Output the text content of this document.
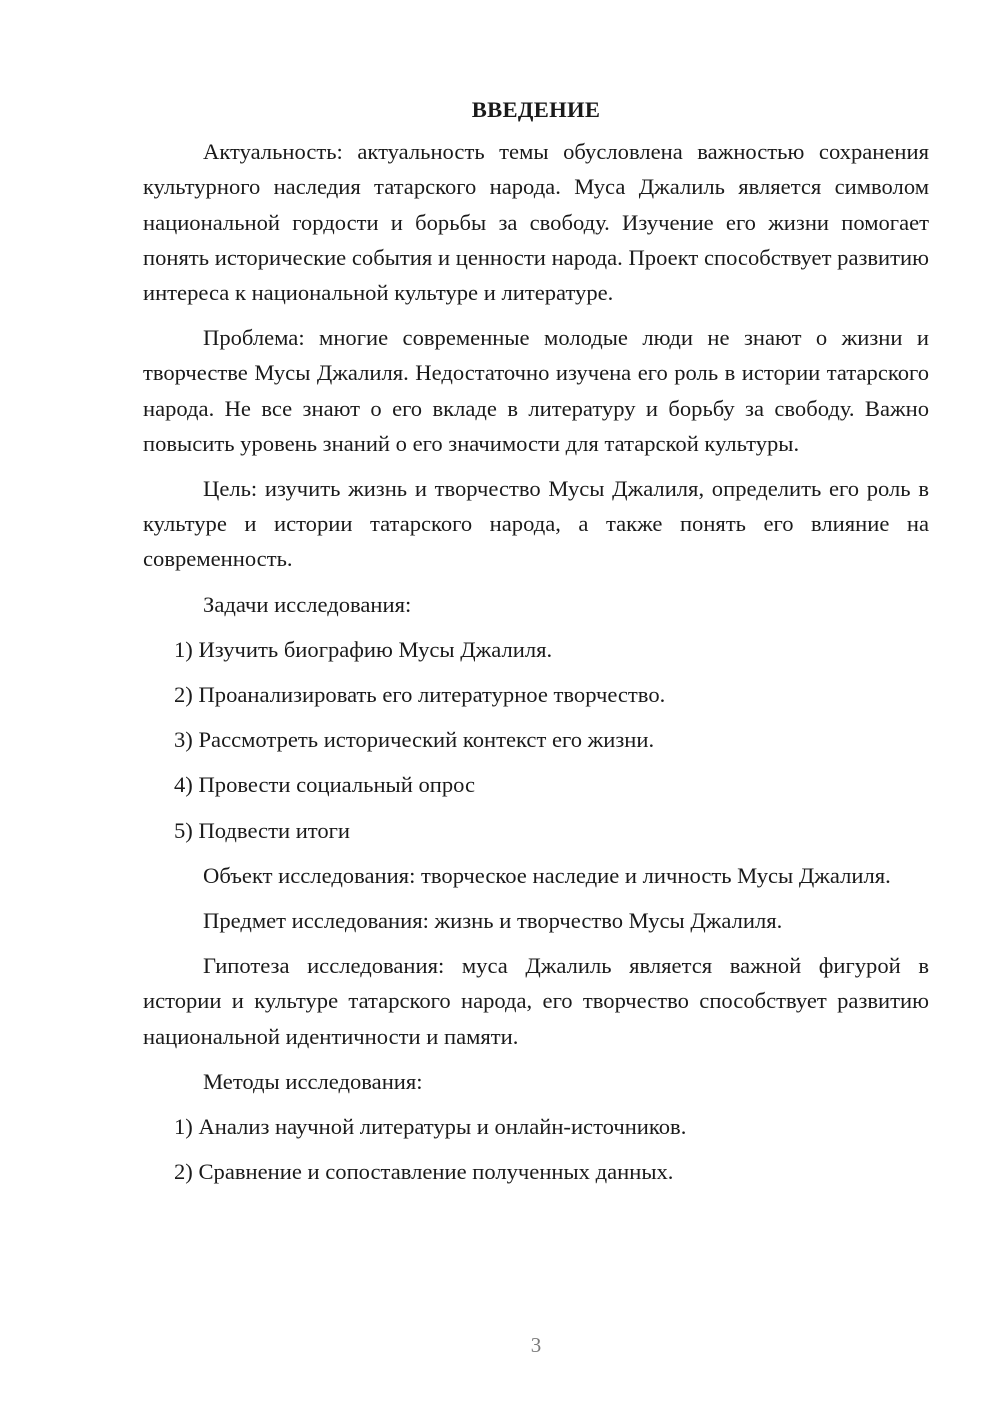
ВВЕДЕНИЕ
Актуальность: актуальность темы обусловлена важностью сохранения культурного наследия татарского народа. Муса Джалиль является символом национальной гордости и борьбы за свободу. Изучение его жизни помогает понять исторические события и ценности народа. Проект способствует развитию интереса к национальной культуре и литературе.
Проблема: многие современные молодые люди не знают о жизни и творчестве Мусы Джалиля. Недостаточно изучена его роль в истории татарского народа. Не все знают о его вкладе в литературу и борьбу за свободу. Важно повысить уровень знаний о его значимости для татарской культуры.
Цель: изучить жизнь и творчество Мусы Джалиля, определить его роль в культуре и истории татарского народа, а также понять его влияние на современность.
Задачи исследования:
1) Изучить биографию Мусы Джалиля.
2) Проанализировать его литературное творчество.
3) Рассмотреть исторический контекст его жизни.
4) Провести социальный опрос
5) Подвести итоги
Объект исследования: творческое наследие и личность Мусы Джалиля.
Предмет исследования: жизнь и творчество Мусы Джалиля.
Гипотеза исследования: муса Джалиль является важной фигурой в истории и культуре татарского народа, его творчество способствует развитию национальной идентичности и памяти.
Методы исследования:
1) Анализ научной литературы и онлайн-источников.
2) Сравнение и сопоставление полученных данных.
3
